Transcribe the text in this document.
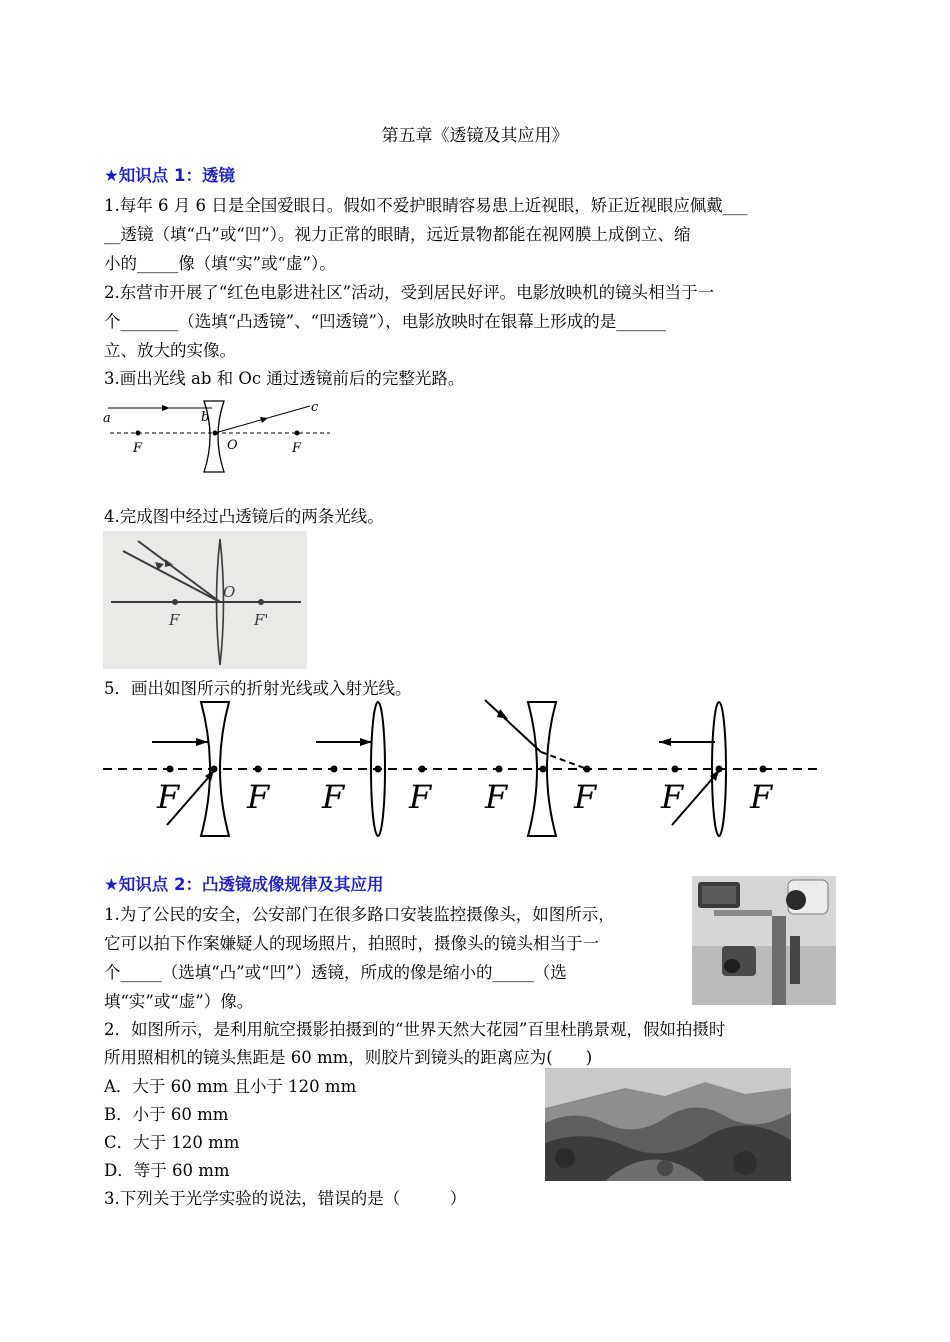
第五章《透镜及其应用》
★知识点 1：透镜
1.每年 6 月 6 日是全国爱眼日。假如不爱护眼睛容易患上近视眼，矫正近视眼应佩戴___
__透镜（填“凸”或“凹”）。视力正常的眼睛，远近景物都能在视网膜上成倒立、缩
小的_____像（填“实”或“虚”）。
2.东营市开展了“红色电影进社区”活动，受到居民好评。电影放映机的镜头相当于一
个_______（选填“凸透镜”、“凹透镜”），电影放映时在银幕上形成的是______
立、放大的实像。
3.画出光线 ab 和 Oc 通过透镜前后的完整光路。
a	b
c
O
F	F
4.完成图中经过凸透镜后的两条光线。
O
F	F'
5．画出如图所示的折射光线或入射光线。
F F F F F F F F
★知识点 2：凸透镜成像规律及其应用
1.为了公民的安全，公安部门在很多路口安装监控摄像头，如图所示，
它可以拍下作案嫌疑人的现场照片，拍照时，摄像头的镜头相当于一
个_____（选填“凸”或“凹”）透镜，所成的像是缩小的_____（选
填“实”或“虚”）像。
2．如图所示，是利用航空摄影拍摄到的“世界天然大花园”百里杜鹃景观，假如拍摄时
所用照相机的镜头焦距是 60 mm，则胶片到镜头的距离应为(　　)
A．大于 60 mm 且小于 120 mm
B．小于 60 mm
C．大于 120 mm
D．等于 60 mm
3.下列关于光学实验的说法，错误的是（　　　）
